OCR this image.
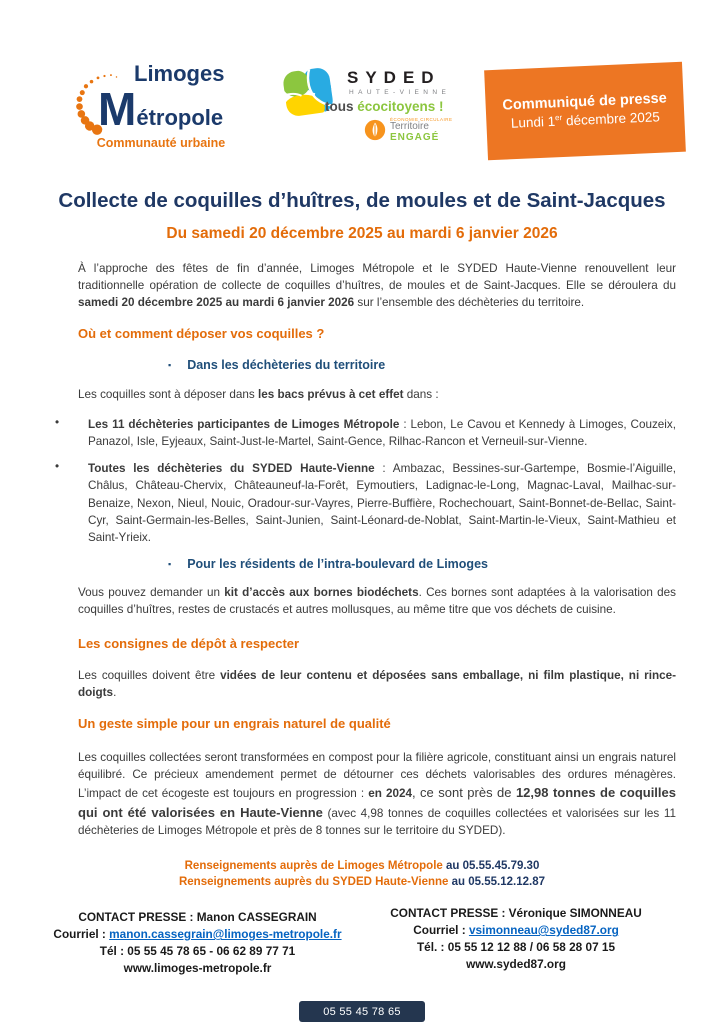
Limoges
Métropole
Communauté urbaine
SYDED
HAUTE-VIENNE
tous écocitoyens !
ÉCONOMIE CIRCULAIRE
Territoire
ENGAGÉ
Communiqué de presse
Lundi 1er décembre 2025
Collecte de coquilles d’huîtres, de moules et de Saint-Jacques
Du samedi 20 décembre 2025 au mardi 6 janvier 2026

À l’approche des fêtes de fin d’année, Limoges Métropole et le SYDED Haute-Vienne renouvellent leur traditionnelle opération de collecte de coquilles d’huîtres, de moules et de Saint-Jacques. Elle se déroulera du samedi 20 décembre 2025 au mardi 6 janvier 2026 sur l’ensemble des déchèteries du territoire.

Où et comment déposer vos coquilles ?
▪ Dans les déchèteries du territoire

Les coquilles sont à déposer dans les bacs prévus à cet effet dans :

•	Les 11 déchèteries participantes de Limoges Métropole : Lebon, Le Cavou et Kennedy à Limoges, Couzeix, Panazol, Isle, Eyjeaux, Saint-Just-le-Martel, Saint-Gence, Rilhac-Rancon et Verneuil-sur-Vienne.
•	Toutes les déchèteries du SYDED Haute-Vienne : Ambazac, Bessines-sur-Gartempe, Bosmie-l’Aiguille, Châlus, Château-Chervix, Châteauneuf-la-Forêt, Eymoutiers, Ladignac-le-Long, Magnac-Laval, Mailhac-sur-Benaize, Nexon, Nieul, Nouic, Oradour-sur-Vayres, Pierre-Buffière, Rochechouart, Saint-Bonnet-de-Bellac, Saint-Cyr, Saint-Germain-les-Belles, Saint-Junien, Saint-Léonard-de-Noblat, Saint-Martin-le-Vieux, Saint-Mathieu et Saint-Yrieix.
▪ Pour les résidents de l’intra-boulevard de Limoges

Vous pouvez demander un kit d’accès aux bornes biodéchets. Ces bornes sont adaptées à la valorisation des coquilles d’huîtres, restes de crustacés et autres mollusques, au même titre que vos déchets de cuisine.

Les consignes de dépôt à respecter

Les coquilles doivent être vidées de leur contenu et déposées sans emballage, ni film plastique, ni rince-doigts.

Un geste simple pour un engrais naturel de qualité

Les coquilles collectées seront transformées en compost pour la filière agricole, constituant ainsi un engrais naturel équilibré. Ce précieux amendement permet de détourner ces déchets valorisables des ordures ménagères. L’impact de cet écogeste est toujours en progression : en 2024, ce sont près de 12,98 tonnes de coquilles qui ont été valorisées en Haute-Vienne (avec 4,98 tonnes de coquilles collectées et valorisées sur les 11 déchèteries de Limoges Métropole et près de 8 tonnes sur le territoire du SYDED).

Renseignements auprès de Limoges Métropole au 05.55.45.79.30
Renseignements auprès du SYDED Haute-Vienne au 05.55.12.12.87
CONTACT PRESSE : Manon CASSEGRAIN
Courriel : manon.cassegrain@limoges-metropole.fr
Tél : 05 55 45 78 65 - 06 62 89 77 71
www.limoges-metropole.fr
CONTACT PRESSE : Véronique SIMONNEAU
Courriel : vsimonneau@syded87.org
Tél. : 05 55 12 12 88 / 06 58 28 07 15
www.syded87.org
05 55 45 78 65
